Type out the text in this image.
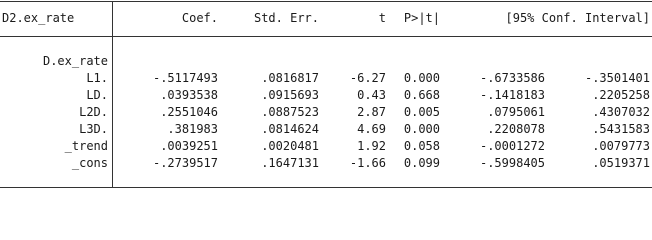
D2.ex_rate	Coef.	Std. Err.	t P>|t|	[95% Conf. Interval]
D.ex_rate
L1.	-.5117493	.0816817	-6.27 0.000	-.6733586	-.3501401
LD.	.0393538	.0915693	0.43 0.668	-.1418183	.2205258
L2D.	.2551046	.0887523	2.87 0.005	.0795061	.4307032
L3D.	.381983	.0814624	4.69 0.000	.2208078	.5431583
_trend	.0039251	.0020481	1.92 0.058	-.0001272	.0079773
_cons	-.2739517	.1647131	-1.66 0.099	-.5998405	.0519371
